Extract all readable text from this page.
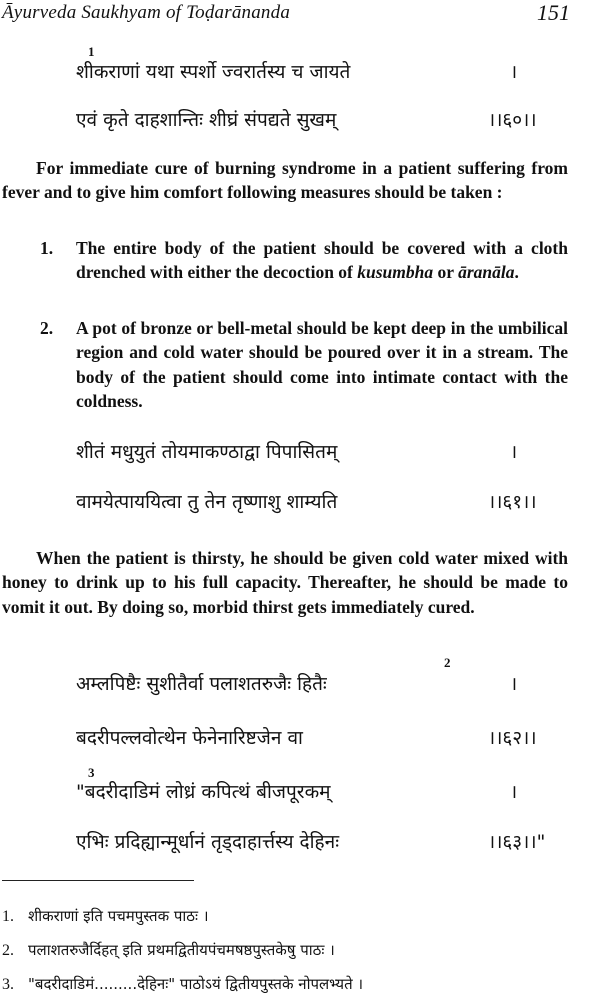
Āyurveda Saukhyam of Toḍarānanda	151
1
शीकराणां यथा स्पर्शो ज्वरार्तस्य च जायते	।
एवं कृते दाहशान्तिः शीघ्रं संपद्यते सुखम्	।।६०।।
For immediate cure of burning syndrome in a patient suffering from fever and to give him comfort following measures should be taken :
1. The entire body of the patient should be covered with a cloth drenched with either the decoction of kusumbha or āranāla.
2. A pot of bronze or bell-metal should be kept deep in the umbilical region and cold water should be poured over it in a stream. The body of the patient should come into intimate contact with the coldness.
शीतं मधुयुतं तोयमाकण्ठाद्वा पिपासितम्	।
वामयेत्पाययित्वा तु तेन तृष्णाशु शाम्यति	।।६१।।
When the patient is thirsty, he should be given cold water mixed with honey to drink up to his full capacity. Thereafter, he should be made to vomit it out. By doing so, morbid thirst gets immediately cured.
2
अम्लपिष्टैः सुशीतैर्वा पलाशतरुजैः हितैः	।
बदरीपल्लवोत्थेन फेनेनारिष्टजेन वा	।।६२।।
3
"बदरीदाडिमं लोध्रं कपित्थं बीजपूरकम्	।
एभिः प्रदिह्यान्मूर्धानं तृड्दाहार्त्तस्य देहिनः	।।६३।।"
1. शीकराणां इति पचमपुस्तक पाठः ।
2. पलाशतरुजैर्दिहत् इति प्रथमद्वितीयपंचमषष्ठपुस्तकेषु पाठः ।
3. "बदरीदाडिमं.........देहिनः" पाठोऽयं द्वितीयपुस्तके नोपलभ्यते ।
